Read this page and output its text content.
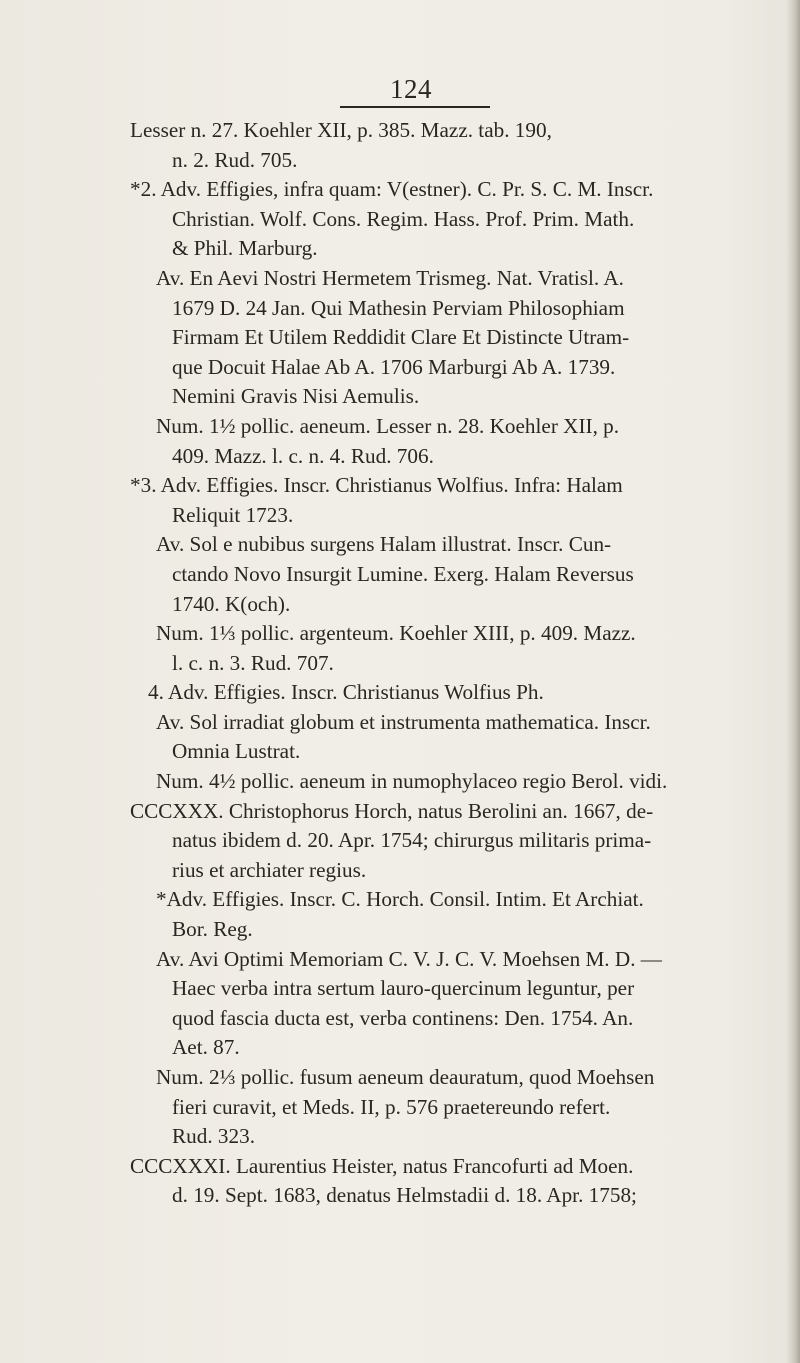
124
Lesser n. 27. Koehler XII, p. 385. Mazz. tab. 190,
n. 2. Rud. 705.
*2. Adv. Effigies, infra quam: V(estner). C. Pr. S. C. M. Inscr.
Christian. Wolf. Cons. Regim. Hass. Prof. Prim. Math.
& Phil. Marburg.
Av. En Aevi Nostri Hermetem Trismeg. Nat. Vratisl. A.
1679 D. 24 Jan. Qui Mathesin Perviam Philosophiam
Firmam Et Utilem Reddidit Clare Et Distincte Utram-
que Docuit Halae Ab A. 1706 Marburgi Ab A. 1739.
Nemini Gravis Nisi Aemulis.
Num. 1½ pollic. aeneum. Lesser n. 28. Koehler XII, p.
409. Mazz. l. c. n. 4. Rud. 706.
*3. Adv. Effigies. Inscr. Christianus Wolfius. Infra: Halam
Reliquit 1723.
Av. Sol e nubibus surgens Halam illustrat. Inscr. Cun-
ctando Novo Insurgit Lumine. Exerg. Halam Reversus
1740. K(och).
Num. 1⅓ pollic. argenteum. Koehler XIII, p. 409. Mazz.
l. c. n. 3. Rud. 707.
4. Adv. Effigies. Inscr. Christianus Wolfius Ph.
Av. Sol irradiat globum et instrumenta mathematica. Inscr.
Omnia Lustrat.
Num. 4½ pollic. aeneum in numophylaceo regio Berol. vidi.
CCCXXX. Christophorus Horch, natus Berolini an. 1667, de-
natus ibidem d. 20. Apr. 1754; chirurgus militaris prima-
rius et archiater regius.
*Adv. Effigies. Inscr. C. Horch. Consil. Intim. Et Archiat.
Bor. Reg.
Av. Avi Optimi Memoriam C. V. J. C. V. Moehsen M. D. —
Haec verba intra sertum lauro-quercinum leguntur, per
quod fascia ducta est, verba continens: Den. 1754. An.
Aet. 87.
Num. 2⅓ pollic. fusum aeneum deauratum, quod Moehsen
fieri curavit, et Meds. II, p. 576 praetereundo refert.
Rud. 323.
CCCXXXI. Laurentius Heister, natus Francofurti ad Moen.
d. 19. Sept. 1683, denatus Helmstadii d. 18. Apr. 1758;
